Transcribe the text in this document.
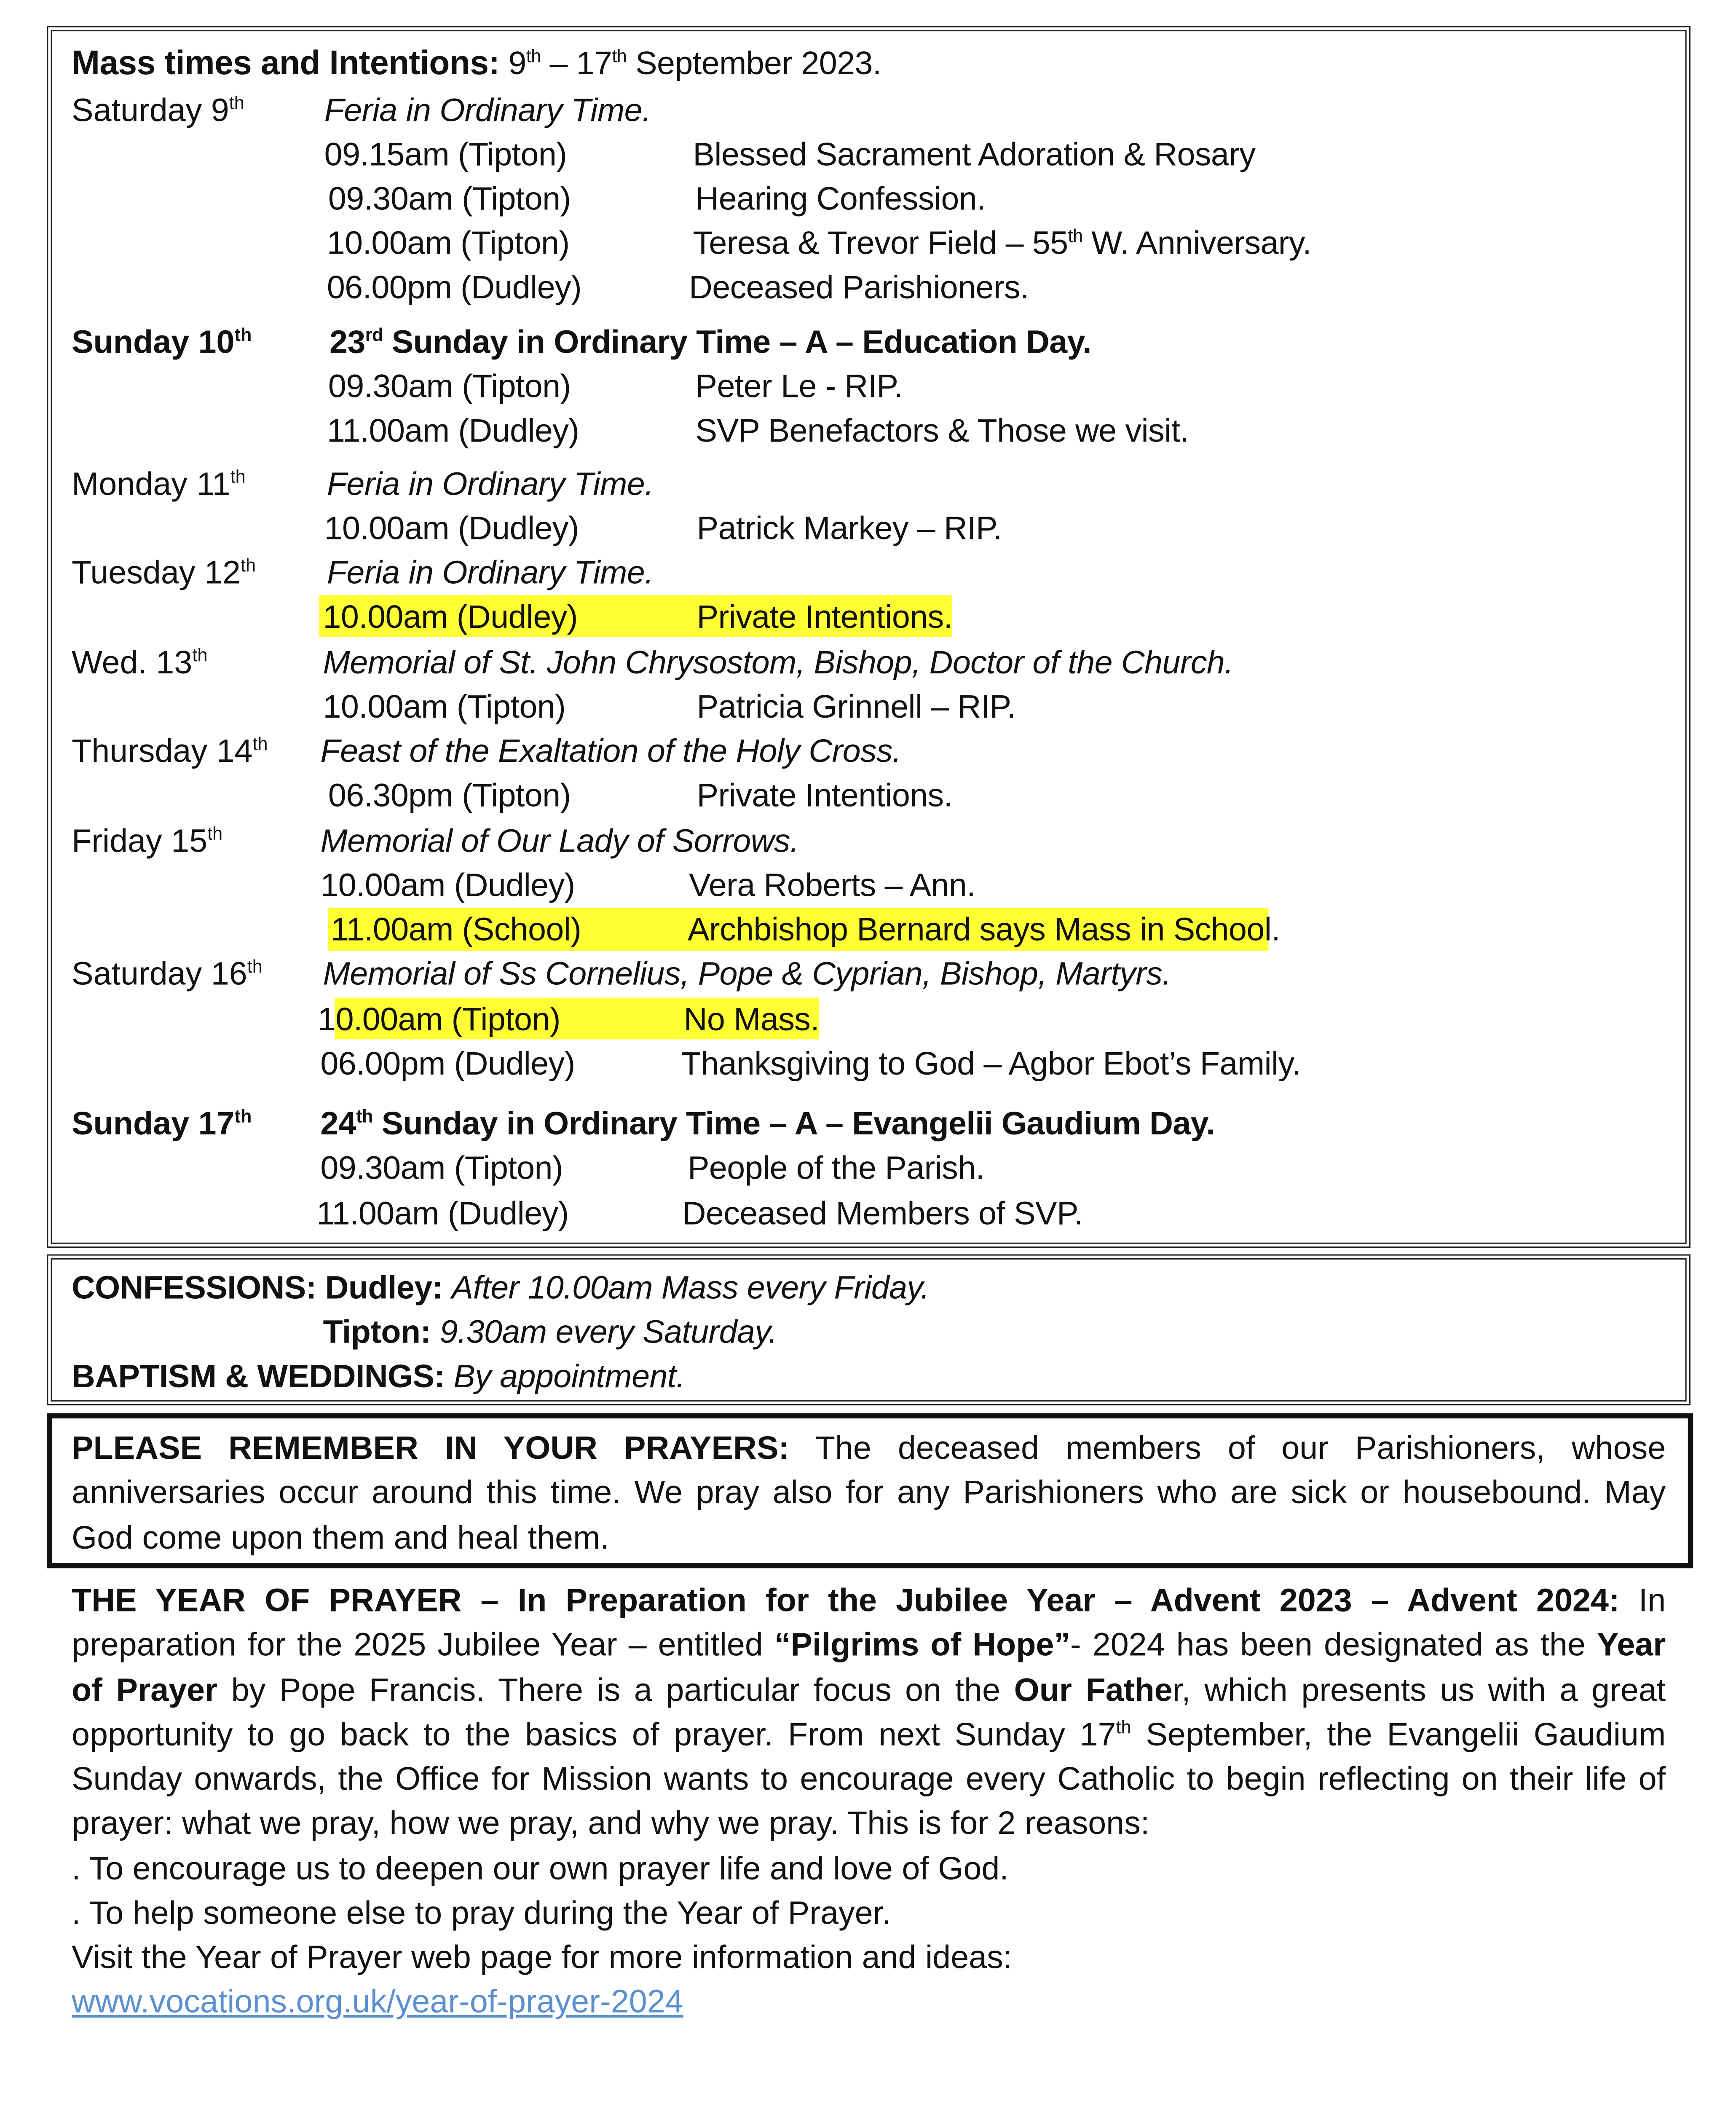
Mass times and Intentions: 9th – 17th September 2023.
Saturday 9th	Feria in Ordinary Time.
09.15am (Tipton)	Blessed Sacrament Adoration & Rosary
09.30am (Tipton)	Hearing Confession.
10.00am (Tipton)	Teresa & Trevor Field – 55th W. Anniversary.
06.00pm (Dudley)	Deceased Parishioners.
Sunday 10th	23rd Sunday in Ordinary Time – A – Education Day.
09.30am (Tipton)	Peter Le - RIP.
11.00am (Dudley)	SVP Benefactors & Those we visit.
Monday 11th	Feria in Ordinary Time.
10.00am (Dudley)	Patrick Markey – RIP.
Tuesday 12th	Feria in Ordinary Time.
10.00am (Dudley)	Private Intentions.
Wed. 13th	Memorial of St. John Chrysostom, Bishop, Doctor of the Church.
10.00am (Tipton)	Patricia Grinnell – RIP.
Thursday 14th	Feast of the Exaltation of the Holy Cross.
06.30pm (Tipton)	Private Intentions.
Friday 15th	Memorial of Our Lady of Sorrows.
10.00am (Dudley)	Vera Roberts – Ann.
11.00am (School)	Archbishop Bernard says Mass in School.
Saturday 16th	Memorial of Ss Cornelius, Pope & Cyprian, Bishop, Martyrs.
10.00am (Tipton)	No Mass.
06.00pm (Dudley)	Thanksgiving to God – Agbor Ebot’s Family.
Sunday 17th	24th Sunday in Ordinary Time – A – Evangelii Gaudium Day.
09.30am (Tipton)	People of the Parish.
11.00am (Dudley)	Deceased Members of SVP.
CONFESSIONS: Dudley: After 10.00am Mass every Friday.
Tipton: 9.30am every Saturday.
BAPTISM & WEDDINGS: By appointment.
PLEASE REMEMBER IN YOUR PRAYERS: The deceased members of our Parishioners, whose anniversaries occur around this time. We pray also for any Parishioners who are sick or housebound. May God come upon them and heal them.
THE YEAR OF PRAYER – In Preparation for the Jubilee Year – Advent 2023 – Advent 2024: In preparation for the 2025 Jubilee Year – entitled “Pilgrims of Hope”- 2024 has been designated as the Year of Prayer by Pope Francis. There is a particular focus on the Our Father, which presents us with a great opportunity to go back to the basics of prayer. From next Sunday 17th September, the Evangelii Gaudium Sunday onwards, the Office for Mission wants to encourage every Catholic to begin reflecting on their life of prayer: what we pray, how we pray, and why we pray. This is for 2 reasons:
. To encourage us to deepen our own prayer life and love of God.
. To help someone else to pray during the Year of Prayer.
Visit the Year of Prayer web page for more information and ideas:
www.vocations.org.uk/year-of-prayer-2024
